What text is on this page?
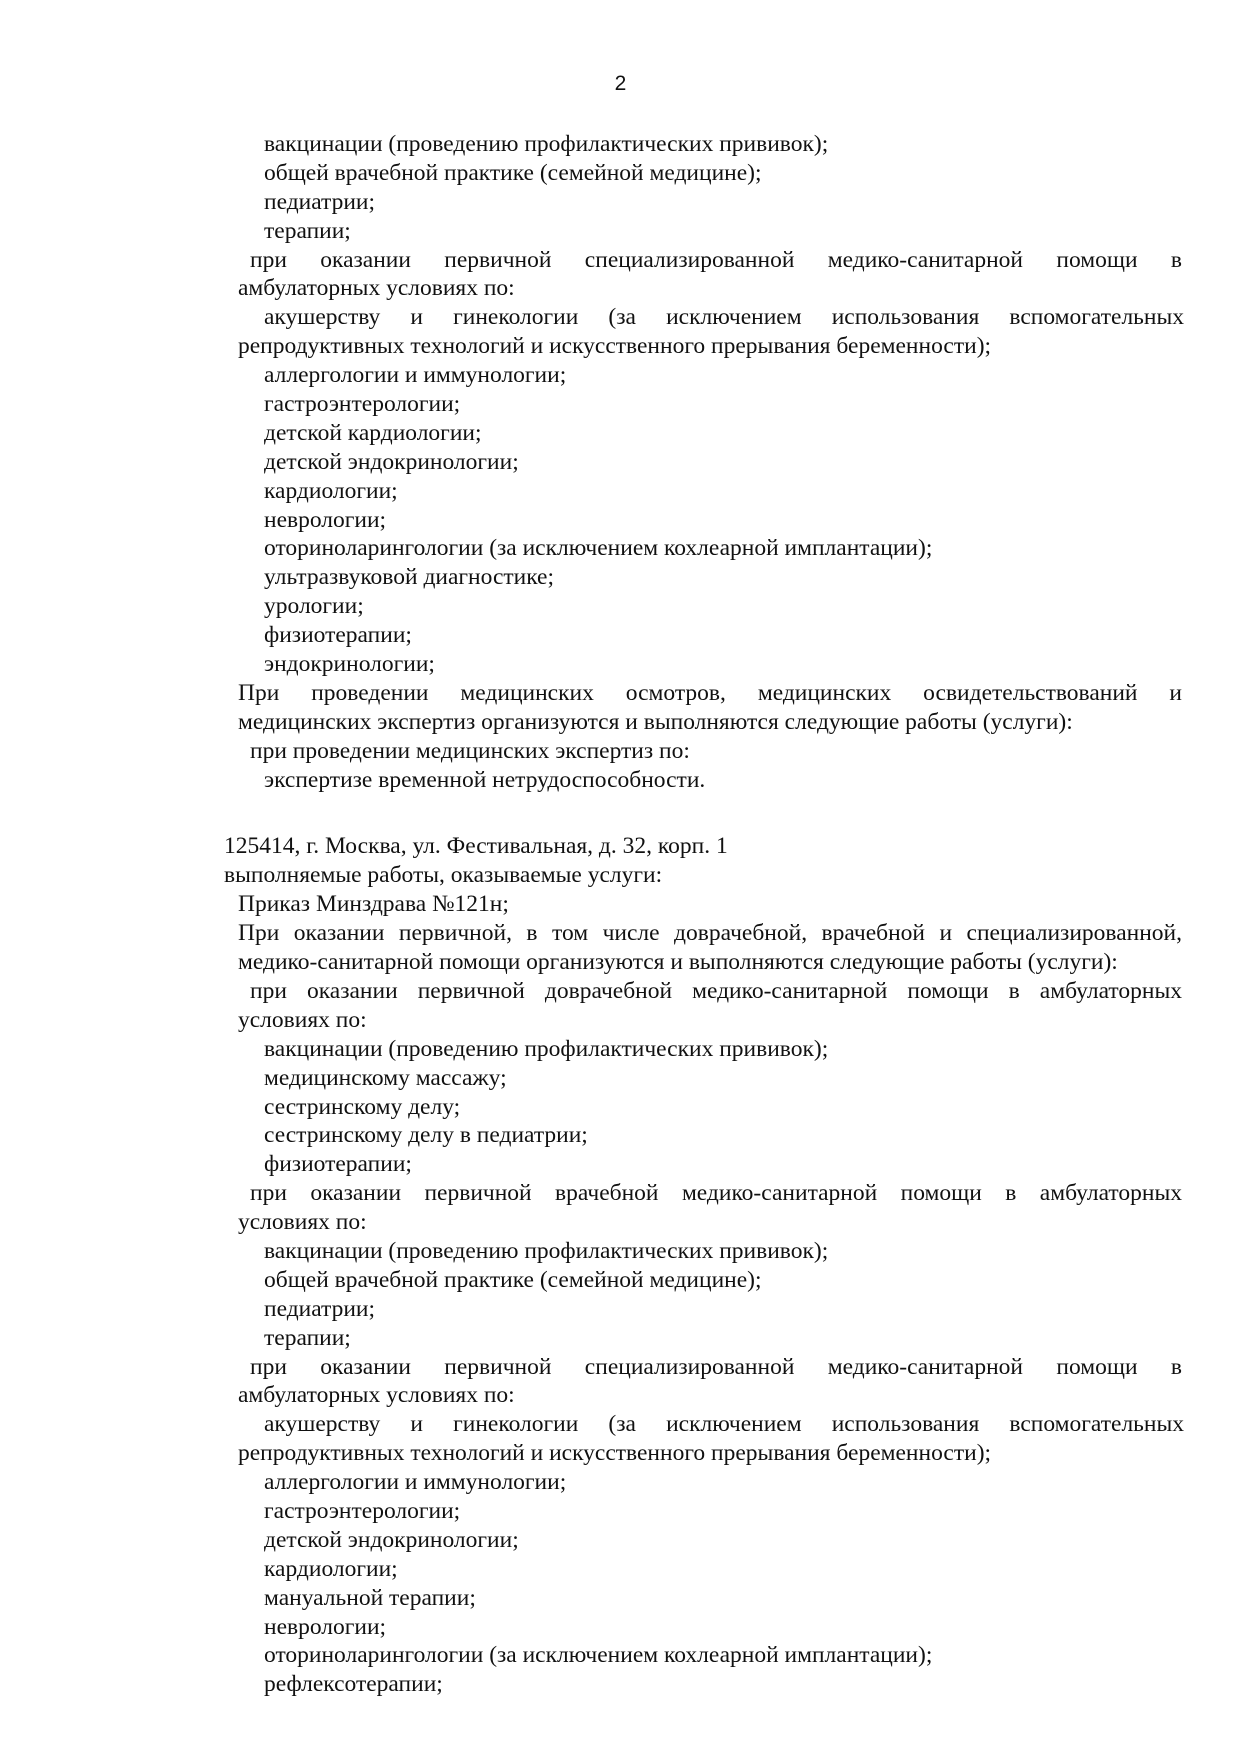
2
вакцинации (проведению профилактических прививок);
общей врачебной практике (семейной медицине);
педиатрии;
терапии;
при оказании первичной специализированной медико-санитарной помощи в
амбулаторных условиях по:
акушерству и гинекологии (за исключением использования вспомогательных
репродуктивных технологий и искусственного прерывания беременности);
аллергологии и иммунологии;
гастроэнтерологии;
детской кардиологии;
детской эндокринологии;
кардиологии;
неврологии;
оториноларингологии (за исключением кохлеарной имплантации);
ультразвуковой диагностике;
урологии;
физиотерапии;
эндокринологии;
При проведении медицинских осмотров, медицинских освидетельствований и
медицинских экспертиз организуются и выполняются следующие работы (услуги):
при проведении медицинских экспертиз по:
экспертизе временной нетрудоспособности.
125414, г. Москва, ул. Фестивальная, д. 32, корп. 1
выполняемые работы, оказываемые услуги:
Приказ Минздрава №121н;
При оказании первичной, в том числе доврачебной, врачебной и специализированной,
медико-санитарной помощи организуются и выполняются следующие работы (услуги):
при оказании первичной доврачебной медико-санитарной помощи в амбулаторных
условиях по:
вакцинации (проведению профилактических прививок);
медицинскому массажу;
сестринскому делу;
сестринскому делу в педиатрии;
физиотерапии;
при оказании первичной врачебной медико-санитарной помощи в амбулаторных
условиях по:
вакцинации (проведению профилактических прививок);
общей врачебной практике (семейной медицине);
педиатрии;
терапии;
при оказании первичной специализированной медико-санитарной помощи в
амбулаторных условиях по:
акушерству и гинекологии (за исключением использования вспомогательных
репродуктивных технологий и искусственного прерывания беременности);
аллергологии и иммунологии;
гастроэнтерологии;
детской эндокринологии;
кардиологии;
мануальной терапии;
неврологии;
оториноларингологии (за исключением кохлеарной имплантации);
рефлексотерапии;
